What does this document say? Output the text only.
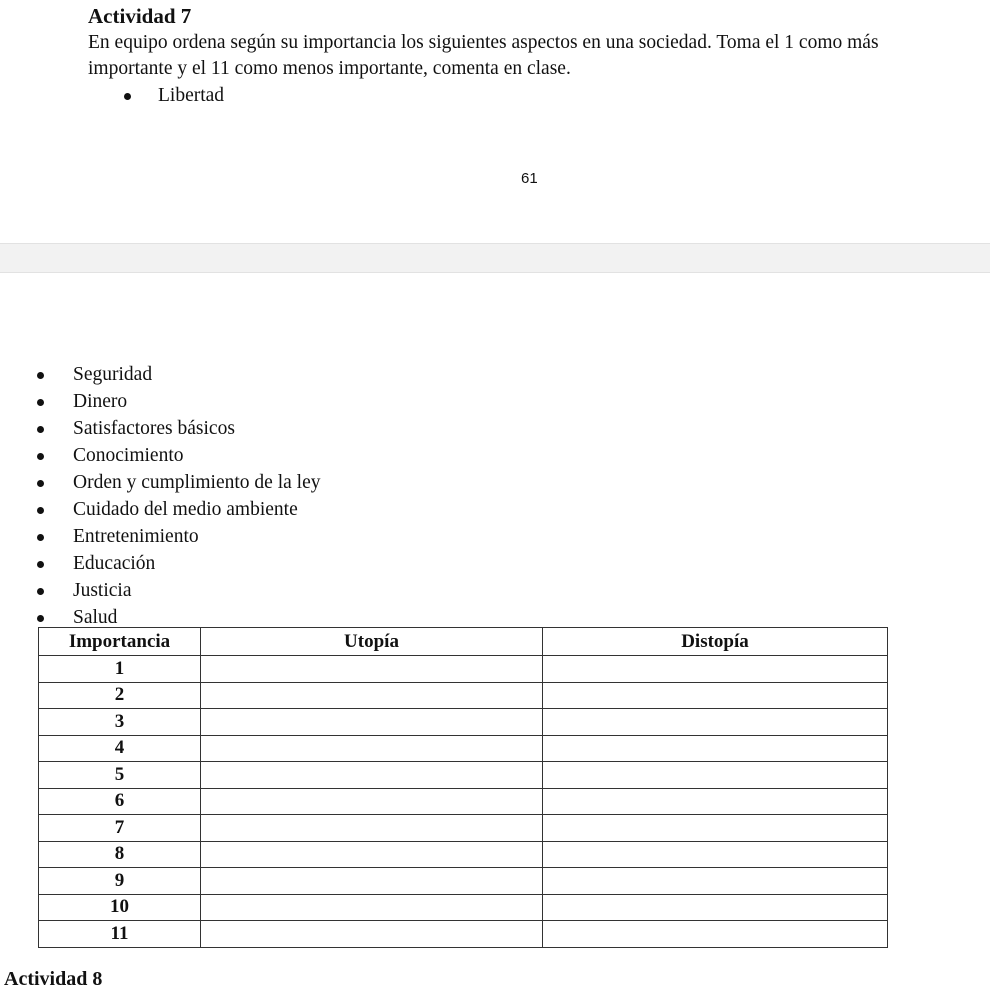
Actividad 7
En equipo ordena según su importancia los siguientes aspectos en una sociedad. Toma el 1 como más
importante y el 11 como menos importante, comenta en clase.
Libertad
61
Seguridad
Dinero
Satisfactores básicos
Conocimiento
Orden y cumplimiento de la ley
Cuidado del medio ambiente
Entretenimiento
Educación
Justicia
Salud
Importancia	Utopía	Distopía
1		
2		
3		
4		
5		
6		
7		
8		
9		
10		
11		
Actividad 8
